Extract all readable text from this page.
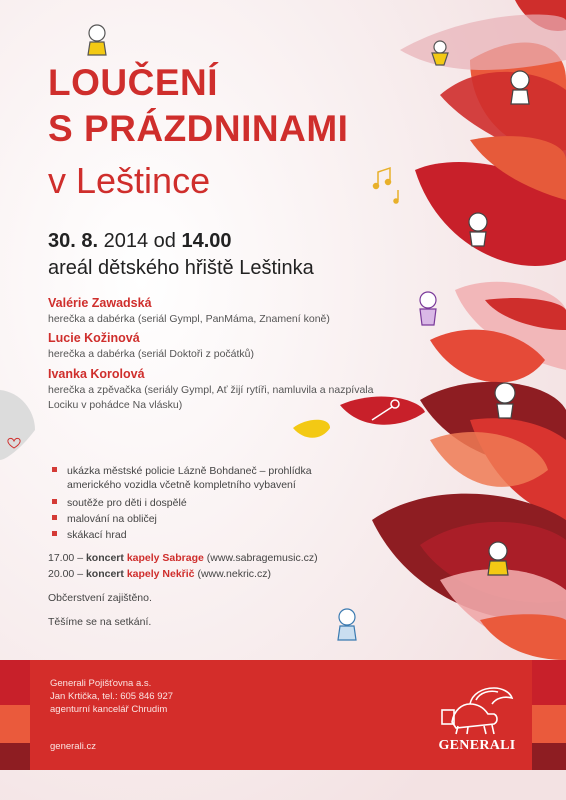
LOUČENÍ
S PRÁZDNINAMI
v Leštince
30. 8. 2014 od 14.00
areál dětského hřiště Leštinka
Valérie Zawadská
herečka a dabérka (seriál Gympl, PanMáma, Znamení koně)
Lucie Kožinová
herečka a dabérka (seriál Doktoři z počátků)
Ivanka Korolová
herečka a zpěvačka (seriály Gympl, Ať žijí rytíři, namluvila a nazpívala
Lociku v pohádce Na vlásku)
ukázka městské policie Lázně Bohdaneč – prohlídka amerického vozidla včetně kompletního vybavení
soutěže pro děti i dospělé
malování na obličej
skákací hrad
17.00 – koncert kapely Sabrage (www.sabragemusic.cz)
20.00 – koncert kapely Nekřič (www.nekric.cz)
Občerstvení zajištěno.
Těšíme se na setkání.
Generali Pojišťovna a.s.
Jan Krtička, tel.: 605 846 927
agenturní kancelář Chrudim
generali.cz	GENERALI
